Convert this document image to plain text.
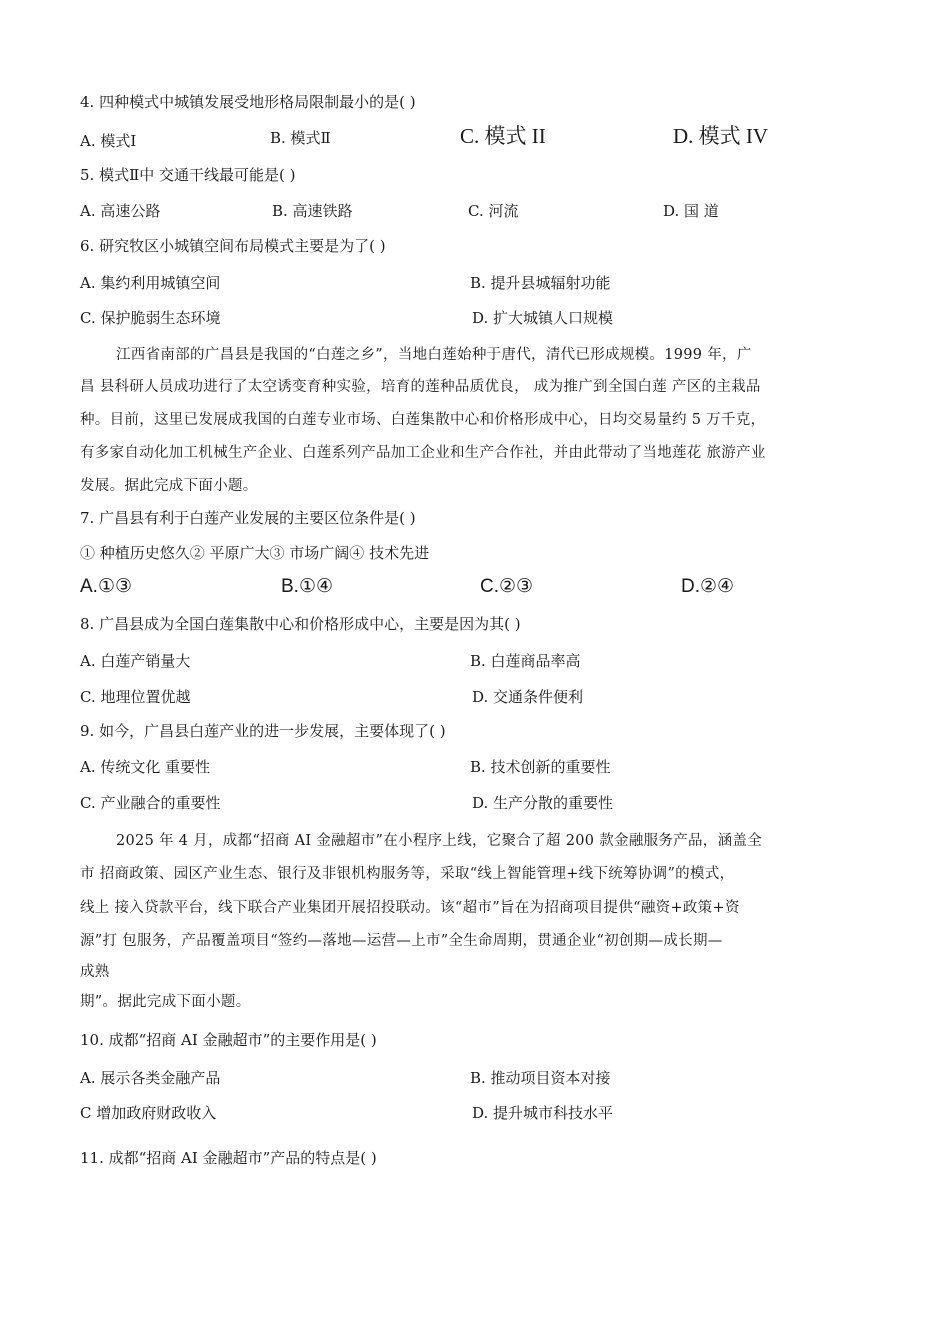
4. 四种模式中城镇发展受地形格局限制最小的是( )
A. 模式Ⅰ	B. 模式Ⅱ	C. 模式 II	D. 模式 IV
5. 模式Ⅱ中 交通干线最可能是( )
A. 高速公路	B. 高速铁路	C. 河流	D. 国 道
6. 研究牧区小城镇空间布局模式主要是为了( )
A. 集约利用城镇空间	B. 提升县城辐射功能
C. 保护脆弱生态环境	D. 扩大城镇人口规模
江西省南部的广昌县是我国的“白莲之乡”，当地白莲始种于唐代，清代已形成规模。1999 年，广
昌 县科研人员成功进行了太空诱变育种实验，培育的莲种品质优良， 成为推广到全国白莲 产区的主栽品
种。目前，这里已发展成我国的白莲专业市场、白莲集散中心和价格形成中心，日均交易量约 5 万千克，
有多家自动化加工机械生产企业、白莲系列产品加工企业和生产合作社，并由此带动了当地莲花 旅游产业
发展。据此完成下面小题。
7. 广昌县有利于白莲产业发展的主要区位条件是( )
① 种植历史悠久② 平原广大③ 市场广阔④ 技术先进
A.①③	B.①④	C.②③	D.②④
8. 广昌县成为全国白莲集散中心和价格形成中心，主要是因为其( )
A. 白莲产销量大	B. 白莲商品率高
C. 地理位置优越	D. 交通条件便利
9. 如今，广昌县白莲产业的进一步发展，主要体现了( )
A. 传统文化 重要性	B. 技术创新的重要性
C. 产业融合的重要性	D. 生产分散的重要性
2025 年 4 月，成都“招商 AI 金融超市”在小程序上线，它聚合了超 200 款金融服务产品，涵盖全
市 招商政策、园区产业生态、银行及非银机构服务等，采取“线上智能管理+线下统筹协调”的模式，
线上 接入贷款平台，线下联合产业集团开展招投联动。该“超市”旨在为招商项目提供“融资+政策+资
源”打 包服务，产品覆盖项目“签约—落地—运营—上市”全生命周期，贯通企业“初创期—成长期—
成熟
期”。据此完成下面小题。
10. 成都“招商 AI 金融超市”的主要作用是( )
A. 展示各类金融产品	B. 推动项目资本对接
C 增加政府财政收入	D. 提升城市科技水平
11. 成都“招商 AI 金融超市”产品的特点是( )
